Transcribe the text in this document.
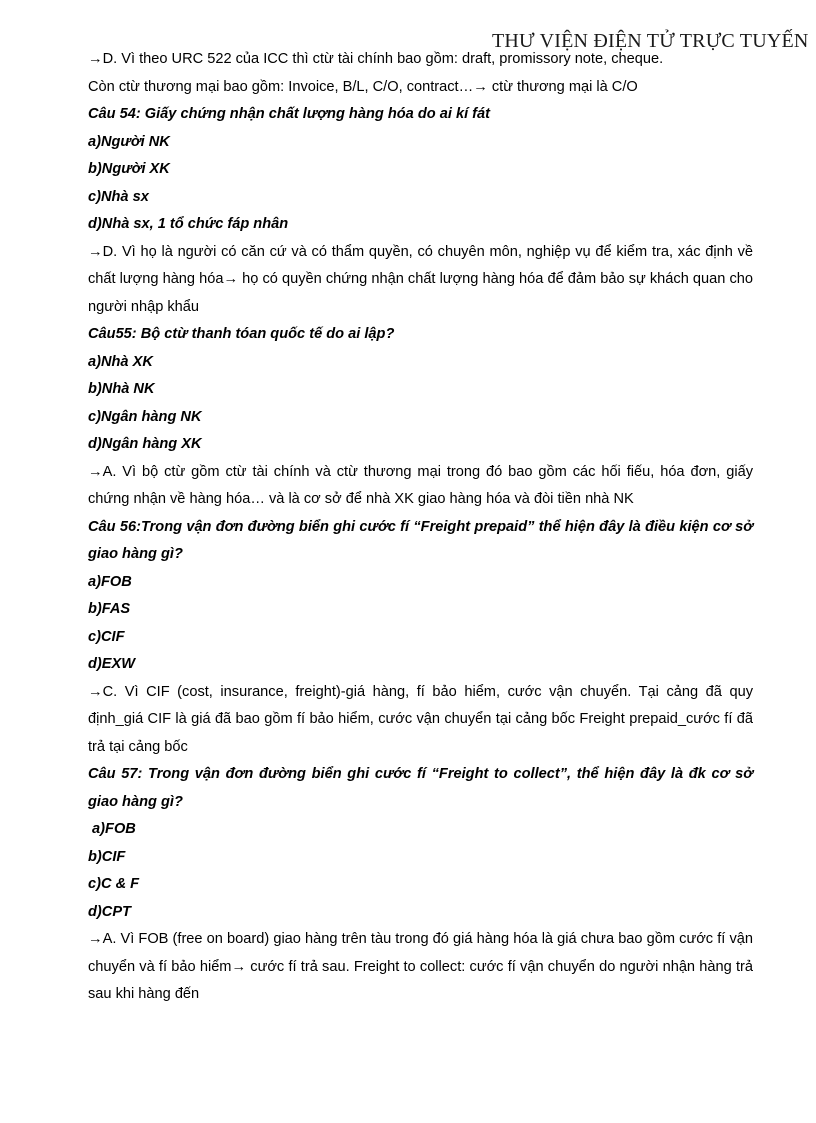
THƯ VIỆN ĐIỆN TỬ TRỰC TUYẾN

→D. Vì theo URC 522 của ICC thì ctừ tài chính bao gồm: draft, promissory note, cheque.

Còn ctừ thương mại bao gồm: Invoice, B/L, C/O, contract…→ ctừ thương mại là C/O

Câu 54: Giấy chứng nhận chất lượng hàng hóa do ai kí fát

a)Người NK

b)Người XK

c)Nhà sx

d)Nhà sx, 1 tổ chức fáp nhân

→D. Vì họ là người có căn cứ và có thẩm quyền, có chuyên môn, nghiệp vụ để kiểm tra, xác định về chất lượng hàng hóa→ họ có quyền chứng nhận chất lượng hàng hóa để đảm bảo sự khách quan cho người nhập khẩu

Câu55: Bộ ctừ thanh tóan quốc tế do ai lập?

a)Nhà XK

b)Nhà NK

c)Ngân hàng NK

d)Ngân hàng XK

→A. Vì bộ ctừ gồm ctừ tài chính và ctừ thương mại trong đó bao gồm các hối fiếu, hóa đơn, giấy chứng nhận về hàng hóa… và là cơ sở để nhà XK giao hàng hóa và đòi tiền nhà NK

Câu 56:Trong vận đơn đường biển ghi cước fí “Freight prepaid” thể hiện đây là điều kiện cơ sở giao hàng gì?

a)FOB

b)FAS

c)CIF

d)EXW

→C. Vì CIF (cost, insurance, freight)-giá hàng, fí bảo hiểm, cước vận chuyển. Tại cảng đã quy định_giá CIF là giá đã bao gồm fí bảo hiểm, cước vận chuyển tại cảng bốc Freight prepaid_cước fí đã trả tại cảng bốc

Câu 57: Trong vận đơn đường biển ghi cước fí “Freight to collect”, thể hiện đây là đk cơ sở giao hàng gì?

a)FOB

b)CIF

c)C & F

d)CPT

→A. Vì FOB (free on board) giao hàng trên tàu trong đó giá hàng hóa là giá chưa bao gồm cước fí vận chuyển và fí bảo hiểm→ cước fí trả sau. Freight to collect: cước fí vận chuyển do người nhận hàng trả sau khi hàng đến
